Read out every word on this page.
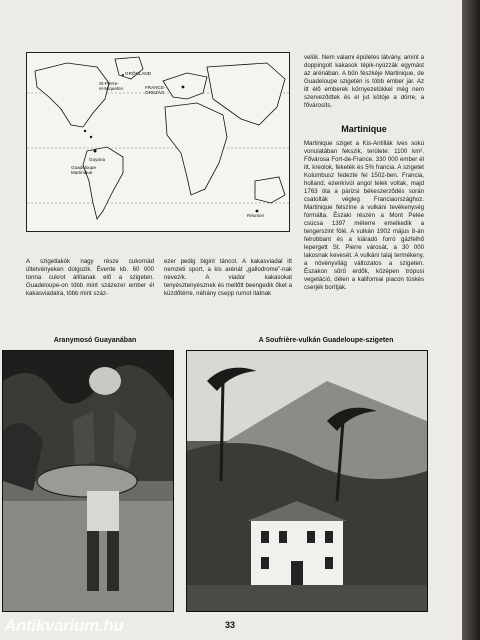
GRÖNLAND
St-Pierre-
et-Miquelon	FRANCE-
ORSZÁG
Guadeloupe
Martinique
Guyana
Réunion

velük. Nem valami épületes látvány, amint a doppingolt kakasok tépik-nyúzzák egymást az arénában. A bűn fészkéje Martinique, de Guadeloupe szigetén is több ember jár. Az itt élő emberek környezetükkel még nem szerveződtek és el jut kötöje a dörre, a fővárosíts.

Martinique

Martinique sziget a Kis-Antillák íves sokú vonulatában fekszik, területe: 1100 km². Fővárosa Fort-de-France. 330 000 ember él itt, kreolok, feketék és 5% francia. A szigetet Kolumbusz fedezte fel 1502-ben. Francia, holland, ezenkívül angol telek voltak, majd 1763 óta a párizsi békeszerződés során csatolták végleg Franciaországhoz. Martinique felszíne a vulkáni tevékenység formálta. Északi részén a Mont Pelée csúcsa 1397 méterre emelkedik a tengerszint fölé. A vulkán 1902 május 8-án felrobbant és a kiáradó forró gázfelhő lepergett St. Pierre városát, a 30 000 lakosnak kevesét. A vulkáni talaj termékeny, a növényvilág változatos a szigeten. Északon sűrű erdők, középen trópusi vegetáció, délen a kaliforniai piacon tüskés cserjék borítják.

A szigetlakók nagy része cukornád ültetvényeken dolgozik. Évente kb. 60 000 tonna cukrot állítanak elő a szigeten. Guadeloupe-on több mint százezer ember él kakasviadalra, több mint száz-

ezer pedig bigint táncol. A kakasviadal itt nemzeti sport, a kis arénát „gallodrome”-nak nevezik. A viador kakasokat tenyésztenyésznek és mellőtt beengedik őket a küzdőtérre, néhány csepp rumot itatnak

Aranymosó Guayanában	A Soufrière-vulkán Guadeloupe-szigeten
33
Antikvarium.hu
